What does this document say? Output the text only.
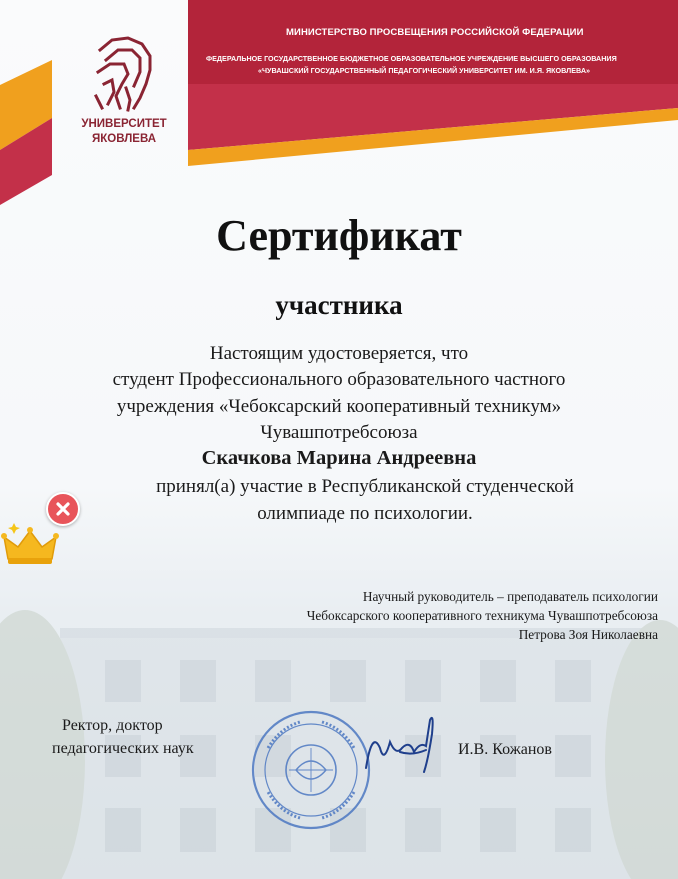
МИНИСТЕРСТВО ПРОСВЕЩЕНИЯ РОССИЙСКОЙ ФЕДЕРАЦИИ
ФЕДЕРАЛЬНОЕ ГОСУДАРСТВЕННОЕ БЮДЖЕТНОЕ ОБРАЗОВАТЕЛЬНОЕ УЧРЕЖДЕНИЕ ВЫСШЕГО ОБРАЗОВАНИЯ
«ЧУВАШСКИЙ ГОСУДАРСТВЕННЫЙ ПЕДАГОГИЧЕСКИЙ УНИВЕРСИТЕТ ИМ. И.Я. ЯКОВЛЕВА»
УНИВЕРСИТЕТ
ЯКОВЛЕВА
Сертификат
участника
Настоящим удостоверяется, что
студент Профессионального образовательного частного
учреждения «Чебоксарский кооперативный техникум»
Чувашпотребсоюза
Скачкова Марина Андреевна
принял(а) участие в Республиканской студенческой
олимпиаде по психологии.
Научный руководитель – преподаватель психологии
Чебоксарского кооперативного техникума Чувашпотребсоюза
Петрова Зоя Николаевна
Ректор, доктор
педагогических наук	И.В. Кожанов
